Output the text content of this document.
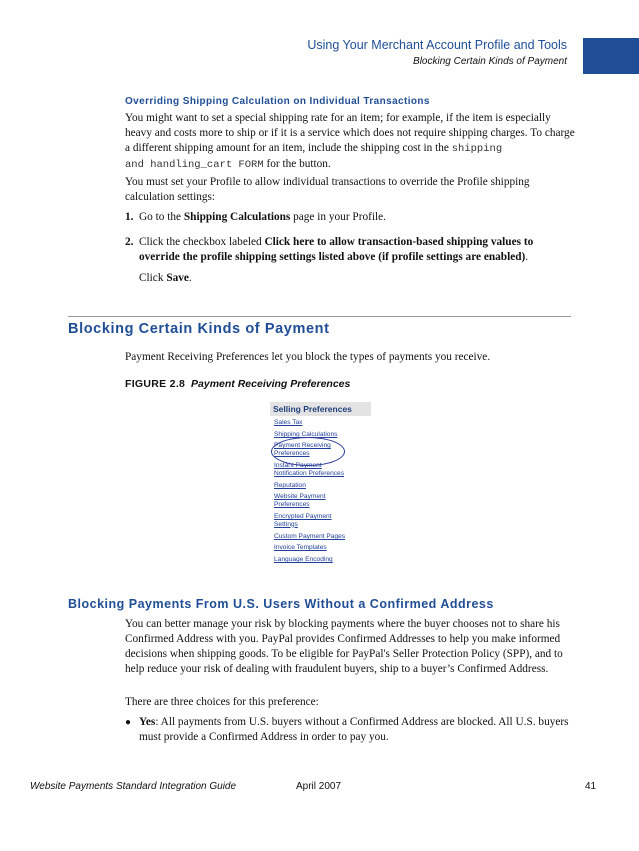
Using Your Merchant Account Profile and Tools
Blocking Certain Kinds of Payment
Overriding Shipping Calculation on Individual Transactions
You might want to set a special shipping rate for an item; for example, if the item is especially heavy and costs more to ship or if it is a service which does not require shipping charges. To charge a different shipping amount for an item, include the shipping cost in the shipping
and handling_cart FORM for the button.
You must set your Profile to allow individual transactions to override the Profile shipping calculation settings:
1. Go to the Shipping Calculations page in your Profile.
2. Click the checkbox labeled Click here to allow transaction-based shipping values to override the profile shipping settings listed above (if profile settings are enabled).
Click Save.
Blocking Certain Kinds of Payment
Payment Receiving Preferences let you block the types of payments you receive.
FIGURE 2.8 Payment Receiving Preferences
Selling Preferences
Sales Tax
Shipping Calculations
Payment Receiving Preferences
Instant Payment Notification Preferences
Reputation
Website Payment Preferences
Encrypted Payment Settings
Custom Payment Pages
Invoice Templates
Language Encoding
Blocking Payments From U.S. Users Without a Confirmed Address
You can better manage your risk by blocking payments where the buyer chooses not to share his Confirmed Address with you. PayPal provides Confirmed Addresses to help you make informed decisions when shipping goods. To be eligible for PayPal's Seller Protection Policy (SPP), and to help reduce your risk of dealing with fraudulent buyers, ship to a buyer’s Confirmed Address.
There are three choices for this preference:
● Yes: All payments from U.S. buyers without a Confirmed Address are blocked. All U.S. buyers must provide a Confirmed Address in order to pay you.
Website Payments Standard Integration Guide	April 2007	41
